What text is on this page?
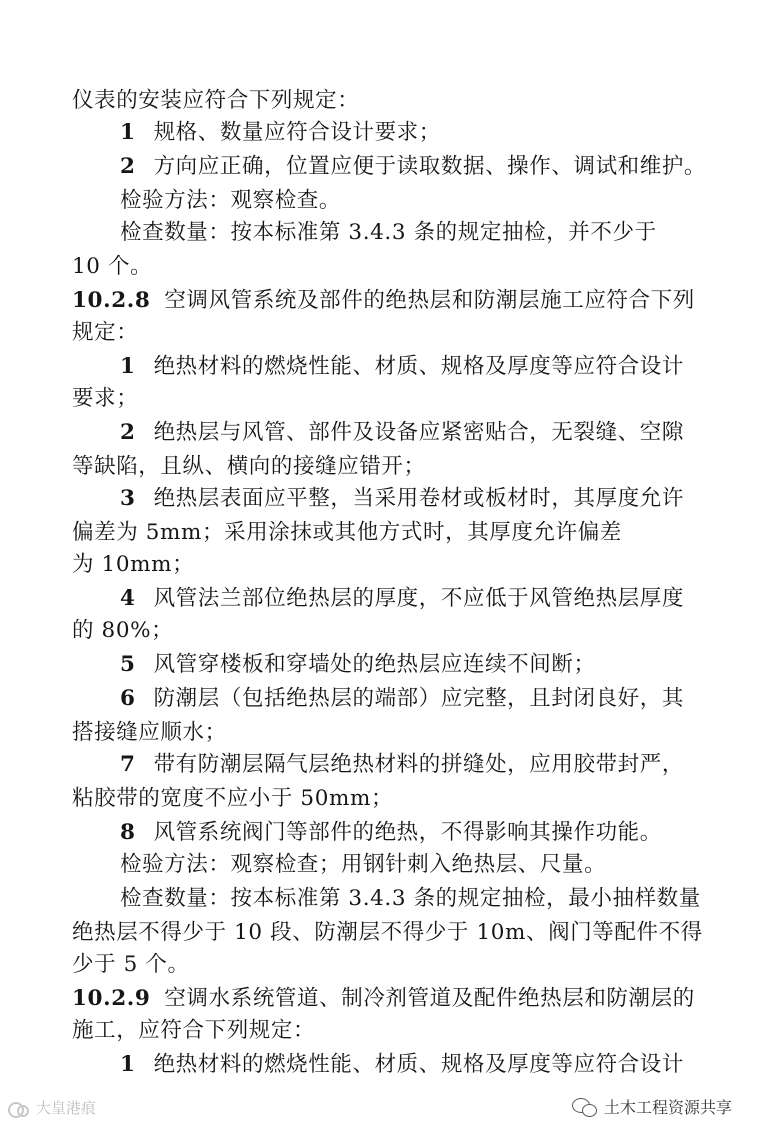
仪表的安装应符合下列规定：
1 规格、数量应符合设计要求；
2 方向应正确，位置应便于读取数据、操作、调试和维护。
检验方法：观察检查。
检查数量：按本标准第 3.4.3 条的规定抽检，并不少于
10 个。
10.2.8 空调风管系统及部件的绝热层和防潮层施工应符合下列
规定：
1 绝热材料的燃烧性能、材质、规格及厚度等应符合设计
要求；
2 绝热层与风管、部件及设备应紧密贴合，无裂缝、空隙
等缺陷，且纵、横向的接缝应错开；
3 绝热层表面应平整，当采用卷材或板材时，其厚度允许
偏差为 5mm；采用涂抹或其他方式时，其厚度允许偏差
为 10mm；
4 风管法兰部位绝热层的厚度，不应低于风管绝热层厚度
的 80%；
5 风管穿楼板和穿墙处的绝热层应连续不间断；
6 防潮层（包括绝热层的端部）应完整，且封闭良好，其
搭接缝应顺水；
7 带有防潮层隔气层绝热材料的拼缝处，应用胶带封严，
粘胶带的宽度不应小于 50mm；
8 风管系统阀门等部件的绝热，不得影响其操作功能。
检验方法：观察检查；用钢针刺入绝热层、尺量。
检查数量：按本标准第 3.4.3 条的规定抽检，最小抽样数量
绝热层不得少于 10 段、防潮层不得少于 10m、阀门等配件不得
少于 5 个。
10.2.9 空调水系统管道、制冷剂管道及配件绝热层和防潮层的
施工，应符合下列规定：
1 绝热材料的燃烧性能、材质、规格及厚度等应符合设计
大皇港痕	土木工程资源共享
